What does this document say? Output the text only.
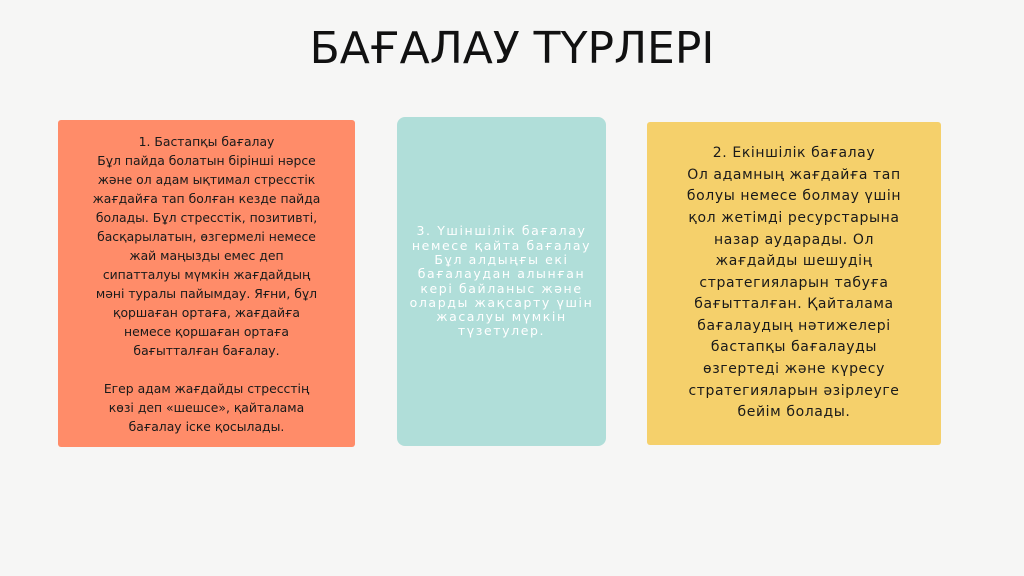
БАҒАЛАУ ТҮРЛЕРІ

1. Бастапқы бағалау

Бұл пайда болатын бірінші нәрсе
және ол адам ықтимал стресстік
жағдайға тап болған кезде пайда
болады. Бұл стресстік, позитивті,
басқарылатын, өзгермелі немесе
жай маңызды емес деп
сипатталуы мүмкін жағдайдың
мәні туралы пайымдау. Яғни, бұл
қоршаған ортаға, жағдайға
немесе қоршаған ортаға
бағытталған бағалау.

Егер адам жағдайды стресстің
көзі деп «шешсе», қайталама
бағалау іске қосылады.

3. Үшіншілік бағалау
немесе қайта бағалау
Бұл алдыңғы екі
бағалаудан алынған
кері байланыс және
оларды жақсарту үшін
жасалуы мүмкін
түзетулер.

2. Екіншілік бағалау

Ол адамның жағдайға тап
болуы немесе болмау үшін
қол жетімді ресурстарына
назар аударады. Ол
жағдайды шешудің
стратегияларын табуға
бағытталған. Қайталама
бағалаудың нәтижелері
бастапқы бағалауды
өзгертеді және күресу
стратегияларын әзірлеуге
бейім болады.
